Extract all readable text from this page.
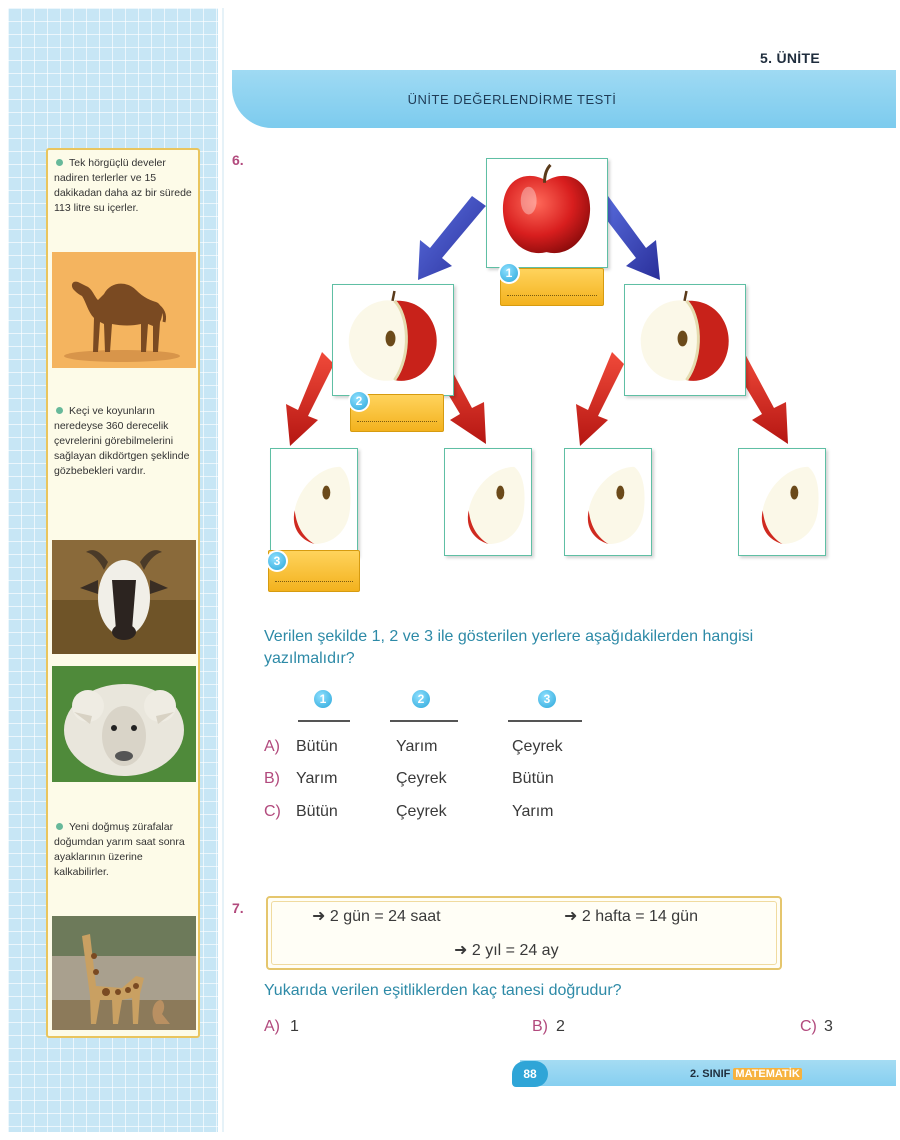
Tek hörgüçlü develer nadiren terlerler ve 15 dakikadan daha az bir sürede 113 litre su içerler.
Keçi ve koyunların neredeyse 360 derecelik çevrelerini görebilmelerini sağlayan dikdörtgen şeklinde gözbebekleri vardır.
Yeni doğmuş zürafalar doğumdan yarım saat sonra ayaklarının üzerine kalkabilirler.
5. ÜNİTE
ÜNİTE DEĞERLENDİRME TESTİ
6.
1
2
3
Verilen şekilde 1, 2 ve 3 ile gösterilen yerlere aşağıdakilerden hangisi yazılmalıdır?
1	2	3
A) Bütün	Yarım	Çeyrek
B) Yarım	Çeyrek	Bütün
C) Bütün	Çeyrek	Yarım
7.	➜ 2 gün = 24 saat	➜ 2 hafta = 14 gün
➜ 2 yıl = 24 ay
Yukarıda verilen eşitliklerden kaç tanesi doğrudur?
A) 1	B) 2	C) 3
88	2. SINIF MATEMATİK
